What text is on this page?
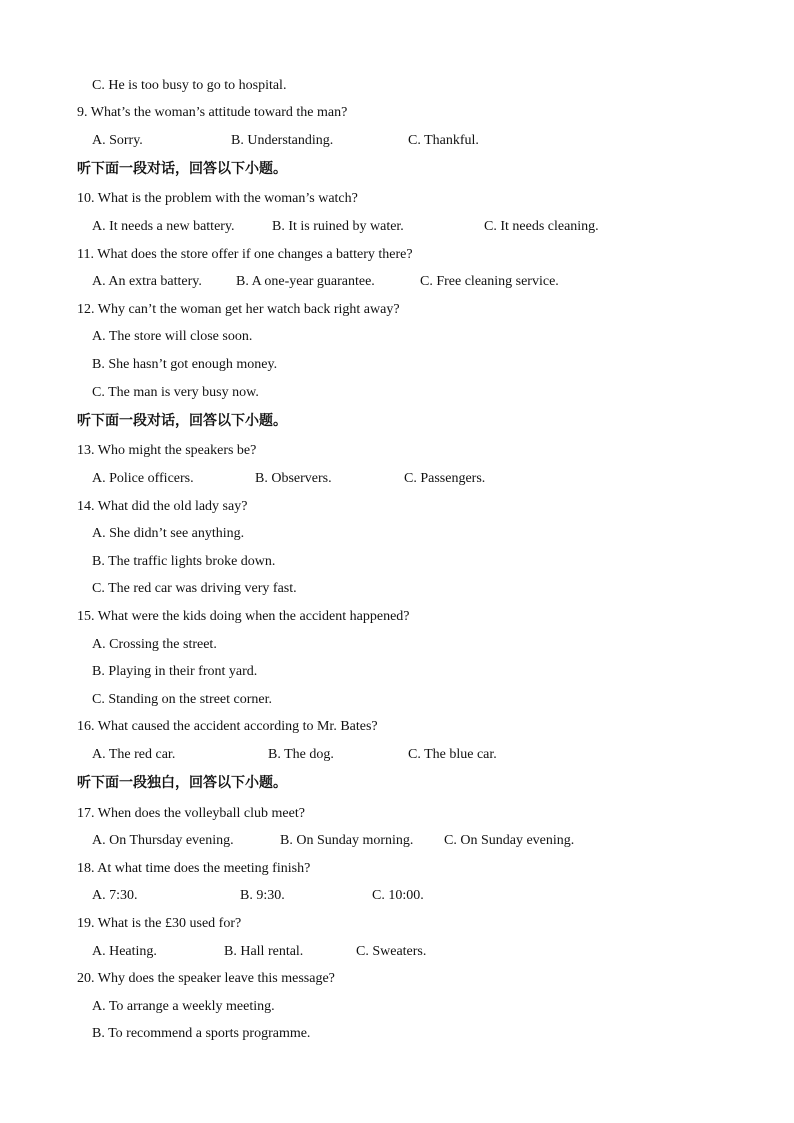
C. He is too busy to go to hospital.
9. What’s the woman’s attitude toward the man?
A. Sorry.	B. Understanding.	C. Thankful.
听下面一段对话，回答以下小题。
10. What is the problem with the woman’s watch?
A. It needs a new battery.	B. It is ruined by water.	C. It needs cleaning.
11. What does the store offer if one changes a battery there?
A. An extra battery. B. A one-year guarantee.	C. Free cleaning service.
12. Why can’t the woman get her watch back right away?
A. The store will close soon.
B. She hasn’t got enough money.
C. The man is very busy now.
听下面一段对话，回答以下小题。
13. Who might the speakers be?
A. Police officers.	B. Observers.	C. Passengers.
14. What did the old lady say?
A. She didn’t see anything.
B. The traffic lights broke down.
C. The red car was driving very fast.
15. What were the kids doing when the accident happened?
A. Crossing the street.
B. Playing in their front yard.
C. Standing on the street corner.
16. What caused the accident according to Mr. Bates?
A. The red car.	B. The dog.	C. The blue car.
听下面一段独白，回答以下小题。
17. When does the volleyball club meet?
A. On Thursday evening.	B. On Sunday morning. C. On Sunday evening.
18. At what time does the meeting finish?
A. 7:30.	B. 9:30.	C. 10:00.
19. What is the £30 used for?
A. Heating.	B. Hall rental.	C. Sweaters.
20. Why does the speaker leave this message?
A. To arrange a weekly meeting.
B. To recommend a sports programme.
